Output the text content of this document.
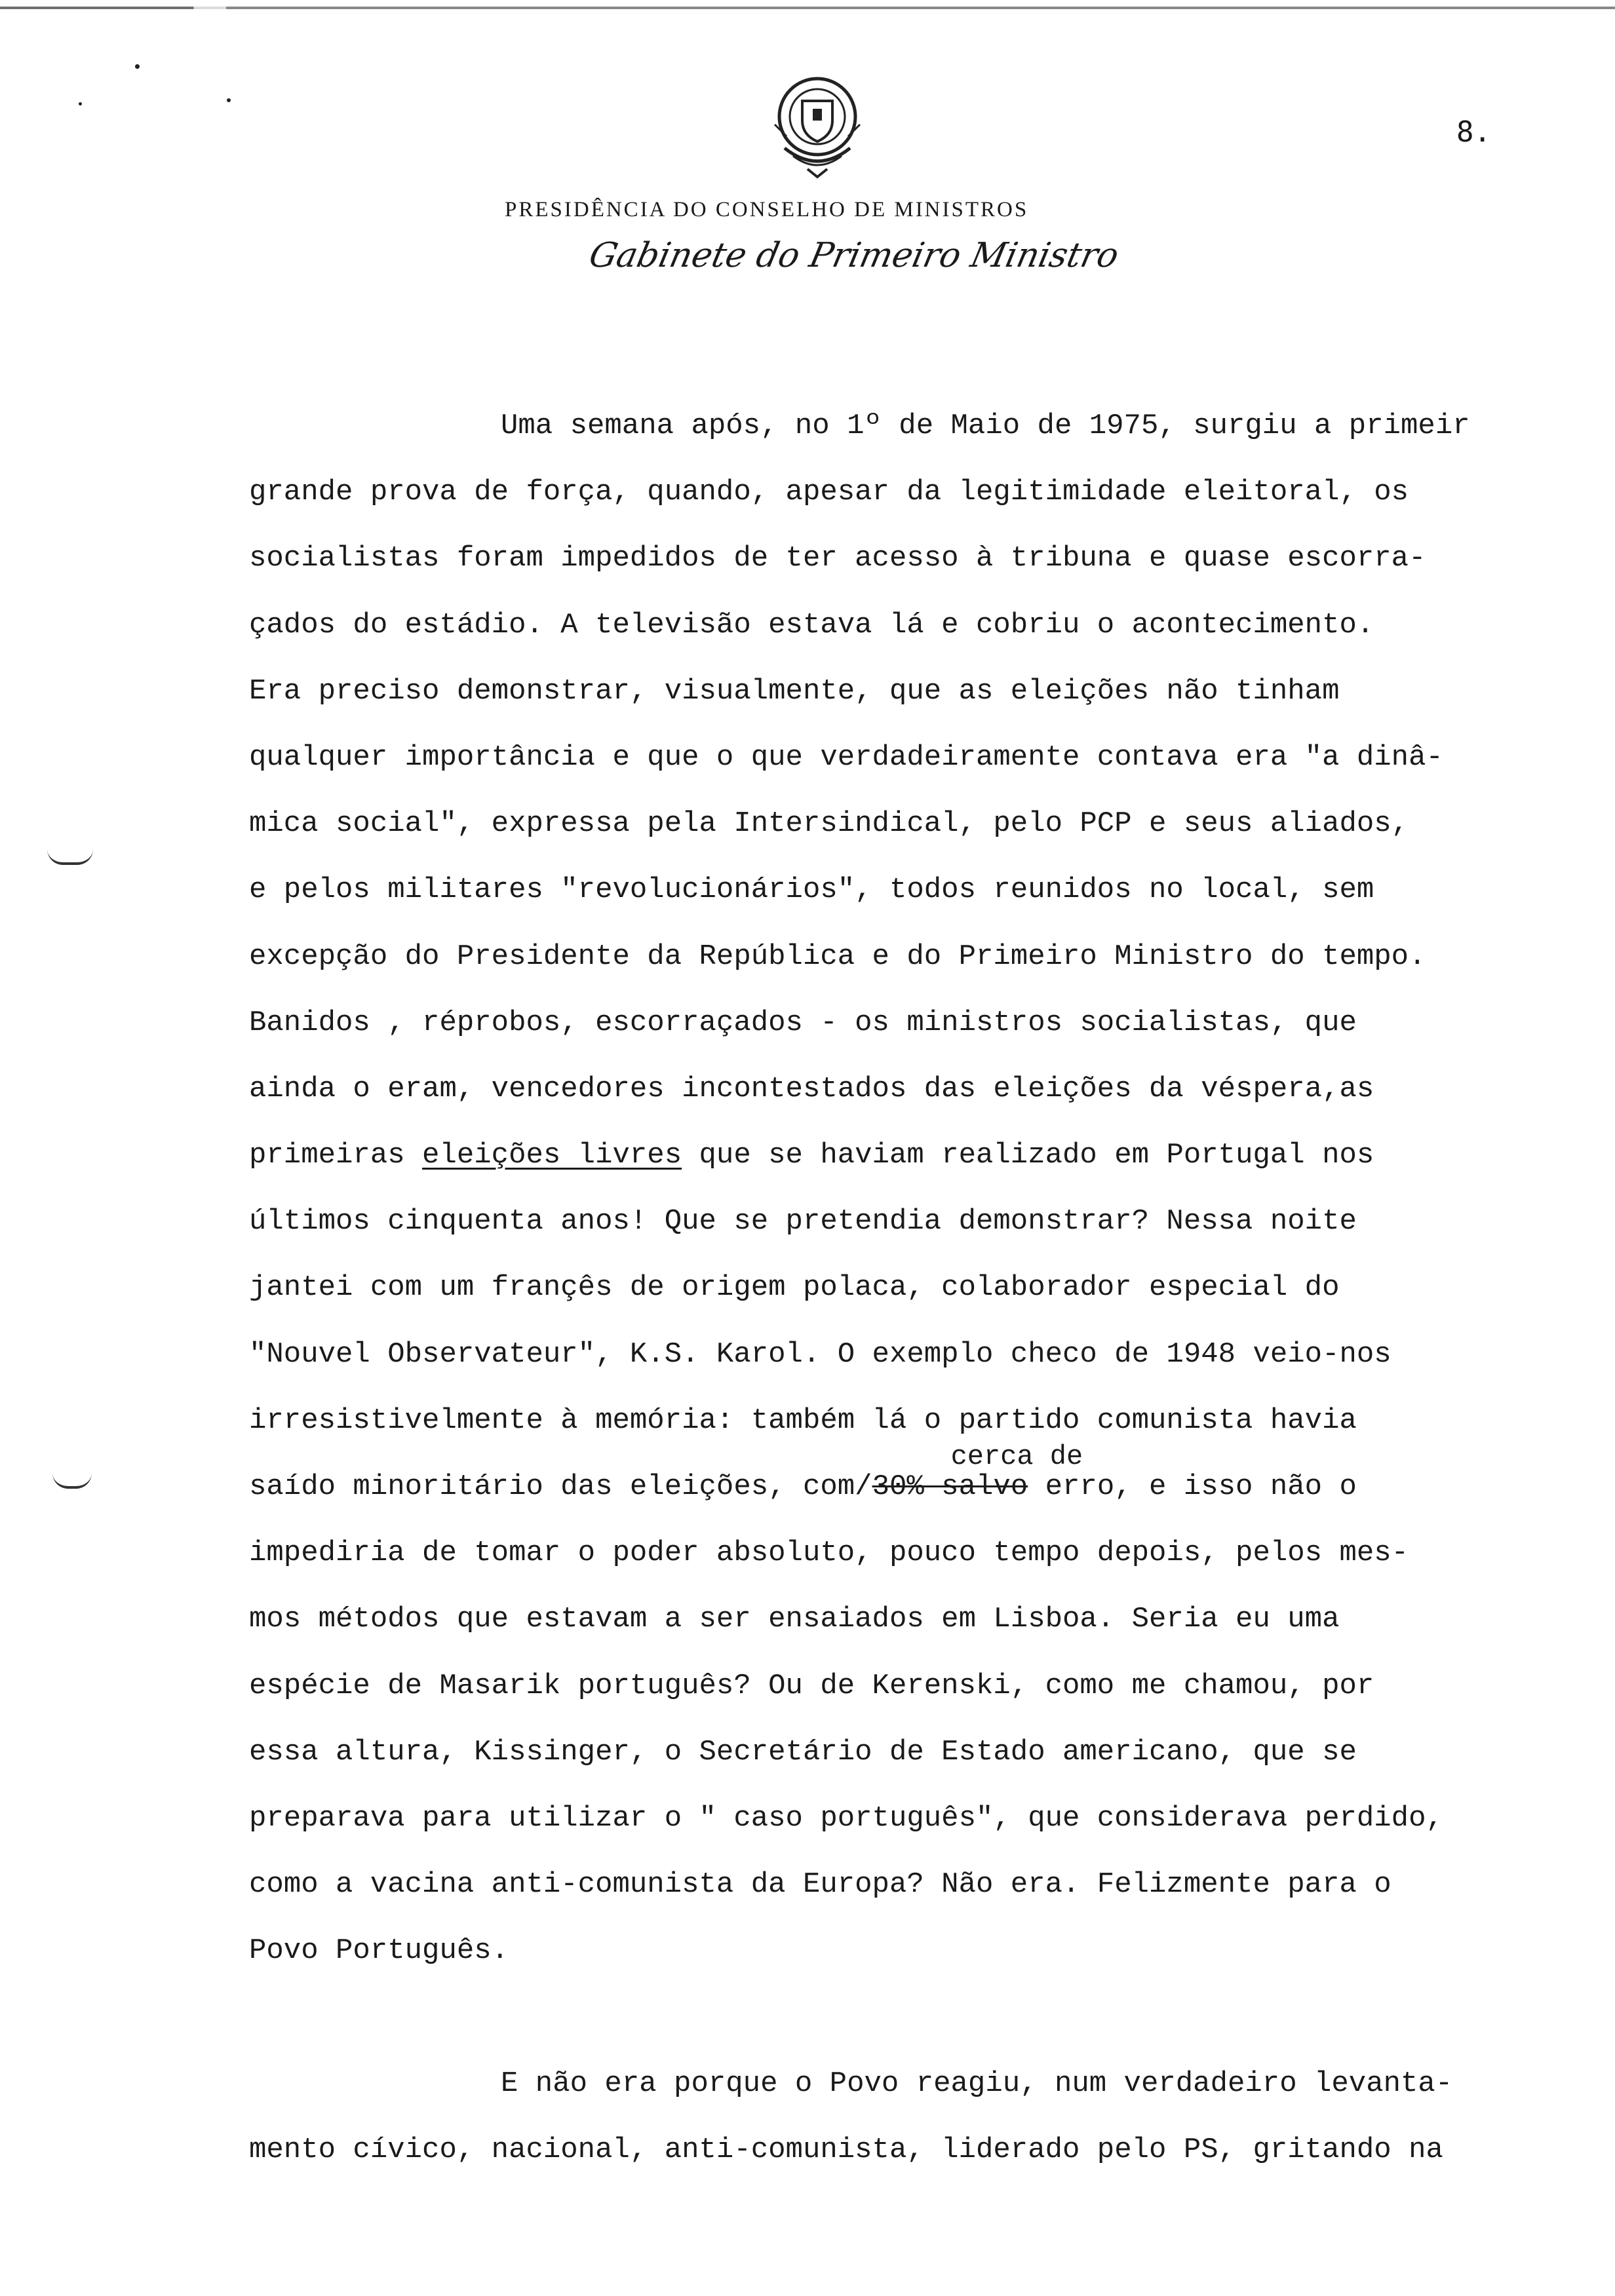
8.
PRESIDÊNCIA DO CONSELHO DE MINISTROS
Gabinete do Primeiro Ministro
Uma semana após, no 1º de Maio de 1975, surgiu a primeir
grande prova de força, quando, apesar da legitimidade eleitoral, os
socialistas foram impedidos de ter acesso à tribuna e quase escorra-
çados do estádio. A televisão estava lá e cobriu o acontecimento.
Era preciso demonstrar, visualmente, que as eleições não tinham
qualquer importância e que o que verdadeiramente contava era "a dinâ-
mica social", expressa pela Intersindical, pelo PCP e seus aliados,
e pelos militares "revolucionários", todos reunidos no local, sem
excepção do Presidente da República e do Primeiro Ministro do tempo.
Banidos , réprobos, escorraçados - os ministros socialistas, que
ainda o eram, vencedores incontestados das eleições da véspera,as
primeiras eleições livres que se haviam realizado em Portugal nos
últimos cinquenta anos! Que se pretendia demonstrar? Nessa noite
jantei com um françês de origem polaca, colaborador especial do
"Nouvel Observateur", K.S. Karol. O exemplo checo de 1948 veio-nos
irresistivelmente à memória: também lá o partido comunista havia
saído minoritário das eleições, com/
cerca de
30% salvo erro, e isso não o
impediria de tomar o poder absoluto, pouco tempo depois, pelos mes-
mos métodos que estavam a ser ensaiados em Lisboa. Seria eu uma
espécie de Masarik português? Ou de Kerenski, como me chamou, por
essa altura, Kissinger, o Secretário de Estado americano, que se
preparava para utilizar o " caso português", que considerava perdido,
como a vacina anti-comunista da Europa? Não era. Felizmente para o
Povo Português.
E não era porque o Povo reagiu, num verdadeiro levanta-
mento cívico, nacional, anti-comunista, liderado pelo PS, gritando na
